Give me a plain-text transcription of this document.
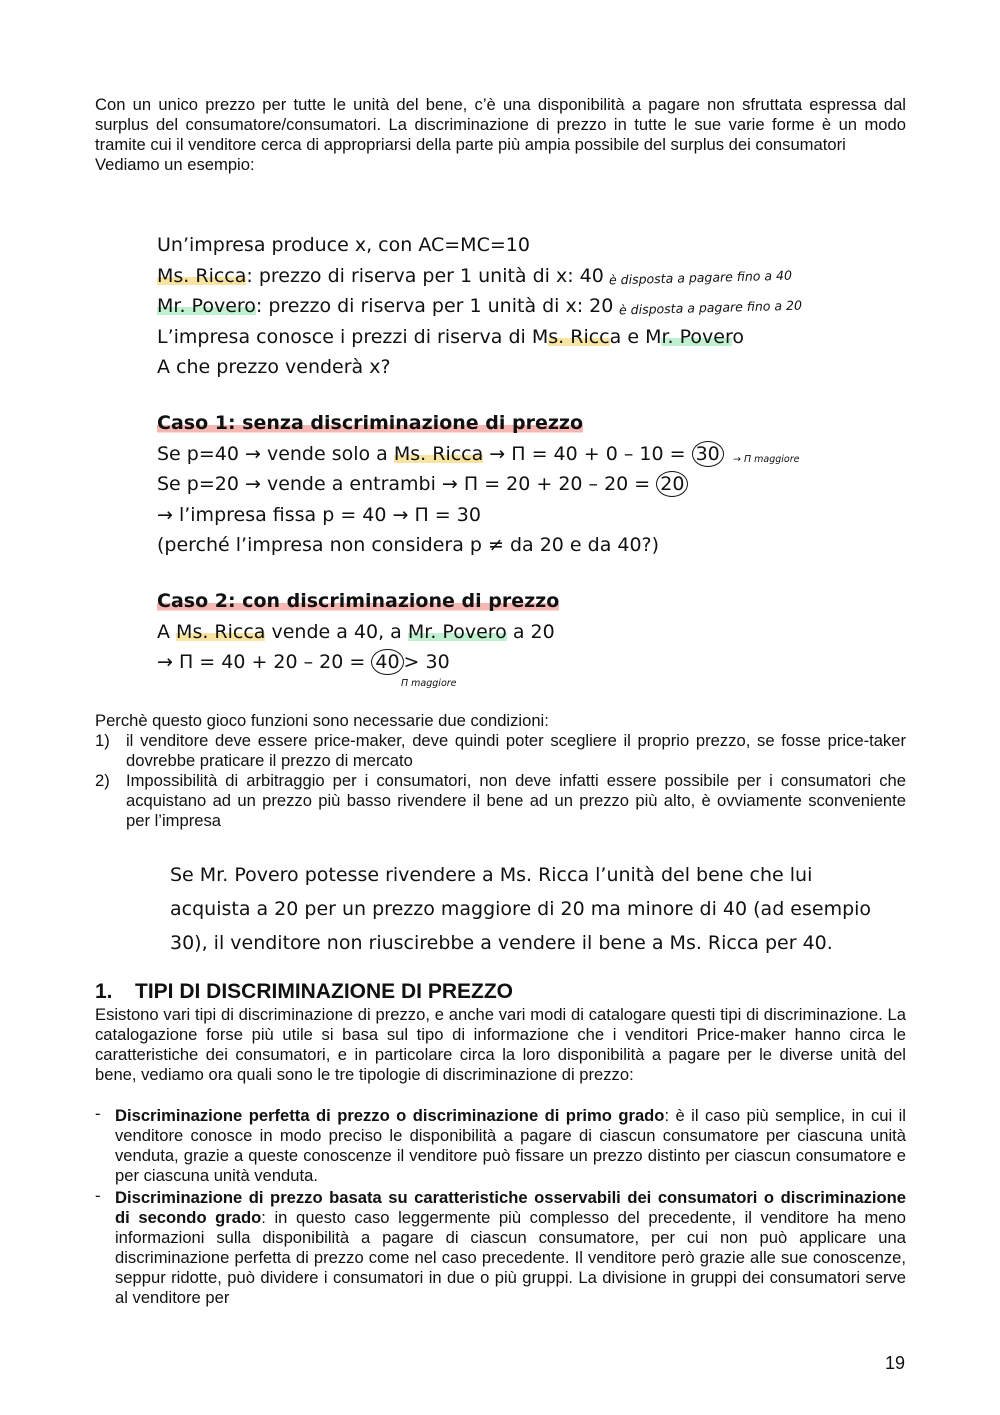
Con un unico prezzo per tutte le unità del bene, c’è una disponibilità a pagare non sfruttata espressa dal surplus del consumatore/consumatori. La discriminazione di prezzo in tutte le sue varie forme è un modo tramite cui il venditore cerca di appropriarsi della parte più ampia possibile del surplus dei consumatori
Vediamo un esempio:
Un’impresa produce x, con AC=MC=10
Ms. Ricca: prezzo di riserva per 1 unità di x: 40 è disposta a pagare fino a 40
Mr. Povero: prezzo di riserva per 1 unità di x: 20 è disposta a pagare fino a 20
L’impresa conosce i prezzi di riserva di Ms. Ricca e Mr. Povero
A che prezzo venderà x?
Caso 1: senza discriminazione di prezzo
Se p=40 → vende solo a Ms. Ricca → Π = 40 + 0 – 10 = 30 → Π maggiore
Se p=20 → vende a entrambi → Π = 20 + 20 – 20 = 20
→ l’impresa fissa p = 40 → Π = 30
(perché l’impresa non considera p ≠ da 20 e da 40?)
Caso 2: con discriminazione di prezzo
A Ms. Ricca vende a 40, a Mr. Povero a 20
→ Π = 40 + 20 – 20 = 40 > 30
Π maggiore
Perchè questo gioco funzioni sono necessarie due condizioni:
1) il venditore deve essere price-maker, deve quindi poter scegliere il proprio prezzo, se fosse price-taker dovrebbe praticare il prezzo di mercato
2) Impossibilità di arbitraggio per i consumatori, non deve infatti essere possibile per i consumatori che acquistano ad un prezzo più basso rivendere il bene ad un prezzo più alto, è ovviamente sconveniente per l’impresa
Se Mr. Povero potesse rivendere a Ms. Ricca l’unità del bene che lui acquista a 20 per un prezzo maggiore di 20 ma minore di 40 (ad esempio 30), il venditore non riuscirebbe a vendere il bene a Ms. Ricca per 40.
1. TIPI DI DISCRIMINAZIONE DI PREZZO
Esistono vari tipi di discriminazione di prezzo, e anche vari modi di catalogare questi tipi di discriminazione. La catalogazione forse più utile si basa sul tipo di informazione che i venditori Price-maker hanno circa le caratteristiche dei consumatori, e in particolare circa la loro disponibilità a pagare per le diverse unità del bene, vediamo ora quali sono le tre tipologie di discriminazione di prezzo:
- Discriminazione perfetta di prezzo o discriminazione di primo grado: è il caso più semplice, in cui il venditore conosce in modo preciso le disponibilità a pagare di ciascun consumatore per ciascuna unità venduta, grazie a queste conoscenze il venditore può fissare un prezzo distinto per ciascun consumatore e per ciascuna unità venduta.
- Discriminazione di prezzo basata su caratteristiche osservabili dei consumatori o discriminazione di secondo grado: in questo caso leggermente più complesso del precedente, il venditore ha meno informazioni sulla disponibilità a pagare di ciascun consumatore, per cui non può applicare una discriminazione perfetta di prezzo come nel caso precedente. Il venditore però grazie alle sue conoscenze, seppur ridotte, può dividere i consumatori in due o più gruppi. La divisione in gruppi dei consumatori serve al venditore per
19
